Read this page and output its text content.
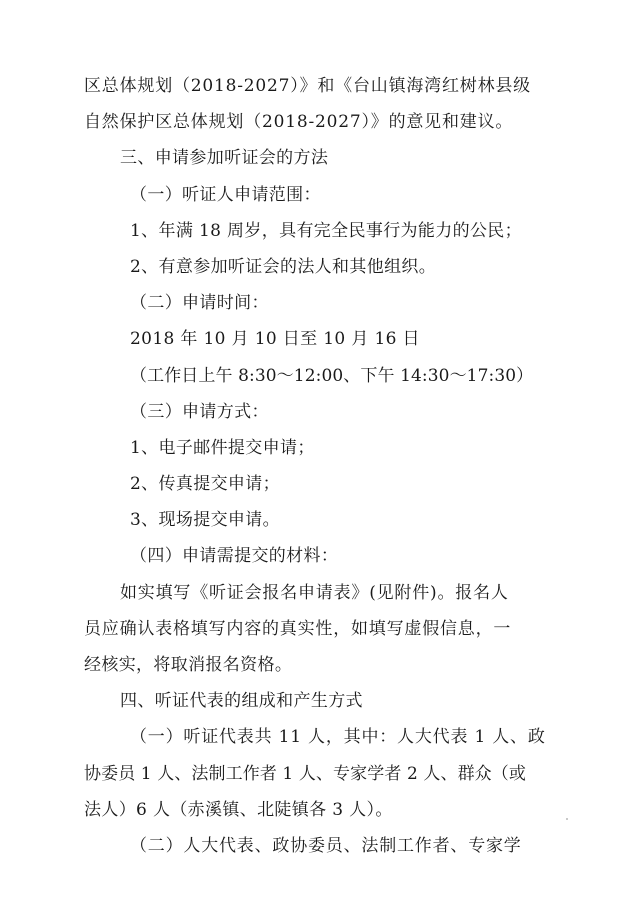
区总体规划（2018-2027）》和《台山镇海湾红树林县级
自然保护区总体规划（2018-2027）》的意见和建议。
三、申请参加听证会的方法
（一）听证人申请范围：
1、年满 18 周岁，具有完全民事行为能力的公民；
2、有意参加听证会的法人和其他组织。
（二）申请时间：
2018 年 10 月 10 日至 10 月 16 日
（工作日上午 8:30～12:00、下午 14:30～17:30）
（三）申请方式：
1、电子邮件提交申请；
2、传真提交申请；
3、现场提交申请。
（四）申请需提交的材料：
如实填写《听证会报名申请表》(见附件)。报名人
员应确认表格填写内容的真实性，如填写虚假信息，一
经核实，将取消报名资格。
四、听证代表的组成和产生方式
（一）听证代表共 11 人，其中：人大代表 1 人、政
协委员 1 人、法制工作者 1 人、专家学者 2 人、群众（或
法人）6 人（赤溪镇、北陡镇各 3 人）。
（二）人大代表、政协委员、法制工作者、专家学
